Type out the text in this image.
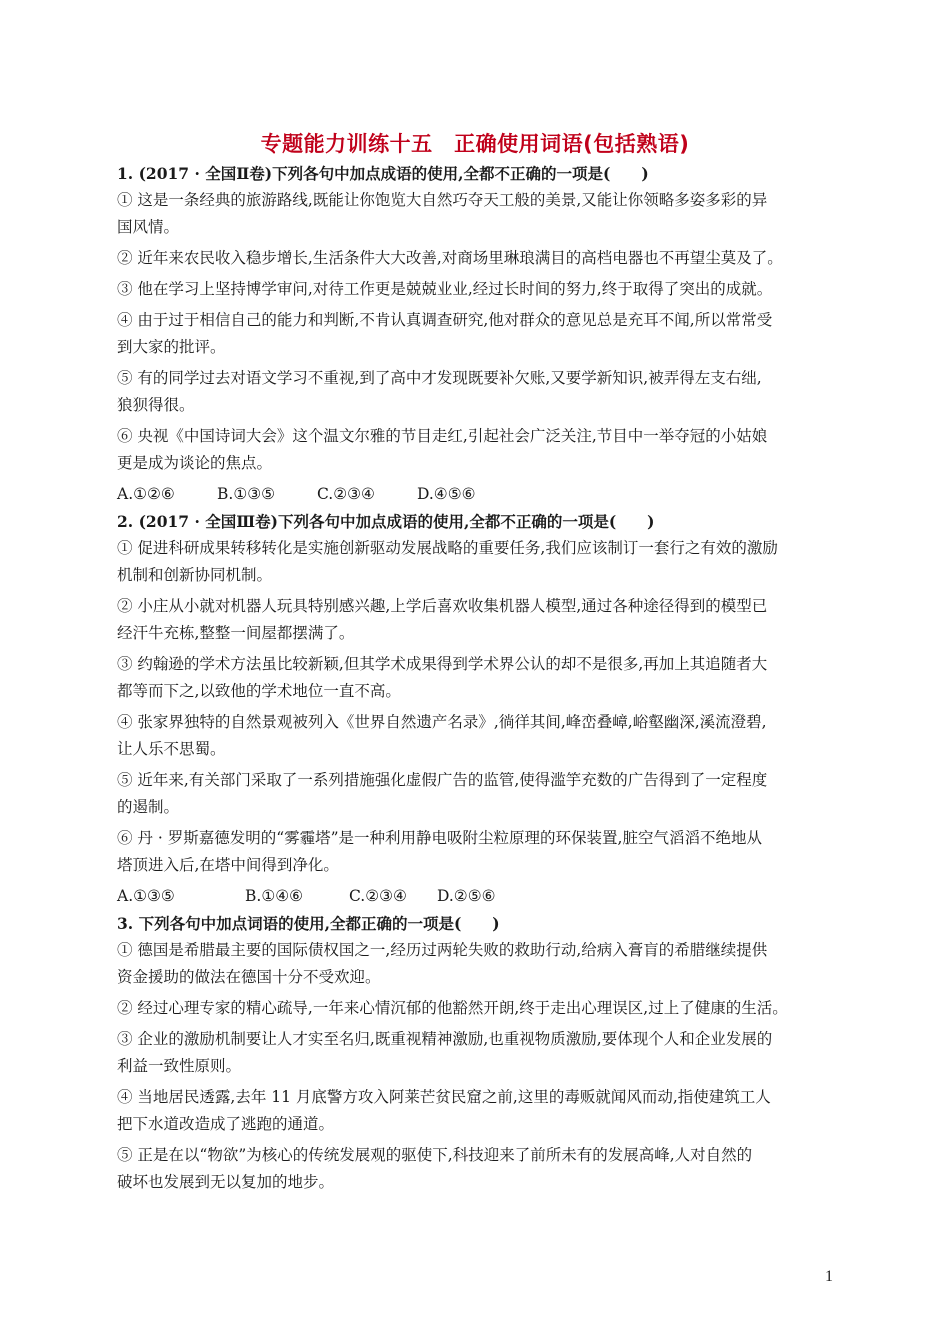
专题能力训练十五　正确使用词语(包括熟语)
1. (2017 · 全国Ⅱ卷)下列各句中加点成语的使用,全都不正确的一项是(　　)
① 这是一条经典的旅游路线,既能让你饱览大自然巧夺天工般的美景,又能让你领略多姿多彩的异
国风情。
② 近年来农民收入稳步增长,生活条件大大改善,对商场里琳琅满目的高档电器也不再望尘莫及了。
③ 他在学习上坚持博学审问,对待工作更是兢兢业业,经过长时间的努力,终于取得了突出的成就。
④ 由于过于相信自己的能力和判断,不肯认真调查研究,他对群众的意见总是充耳不闻,所以常常受
到大家的批评。
⑤ 有的同学过去对语文学习不重视,到了高中才发现既要补欠账,又要学新知识,被弄得左支右绌,
狼狈得很。
⑥ 央视《中国诗词大会》这个温文尔雅的节目走红,引起社会广泛关注,节目中一举夺冠的小姑娘
更是成为谈论的焦点。
A.①②⑥	B.①③⑤	C.②③④	D.④⑤⑥
2. (2017 · 全国Ⅲ卷)下列各句中加点成语的使用,全都不正确的一项是(　　)
① 促进科研成果转移转化是实施创新驱动发展战略的重要任务,我们应该制订一套行之有效的激励
机制和创新协同机制。
② 小庄从小就对机器人玩具特别感兴趣,上学后喜欢收集机器人模型,通过各种途径得到的模型已
经汗牛充栋,整整一间屋都摆满了。
③ 约翰逊的学术方法虽比较新颖,但其学术成果得到学术界公认的却不是很多,再加上其追随者大
都等而下之,以致他的学术地位一直不高。
④ 张家界独特的自然景观被列入《世界自然遗产名录》,徜徉其间,峰峦叠嶂,峪壑幽深,溪流澄碧,
让人乐不思蜀。
⑤ 近年来,有关部门采取了一系列措施强化虚假广告的监管,使得滥竽充数的广告得到了一定程度
的遏制。
⑥ 丹 · 罗斯嘉德发明的“雾霾塔”是一种利用静电吸附尘粒原理的环保装置,脏空气滔滔不绝地从
塔顶进入后,在塔中间得到净化。
A.①③⑤	B.①④⑥	C.②③④ D.②⑤⑥
3. 下列各句中加点词语的使用,全都正确的一项是(　　)
① 德国是希腊最主要的国际债权国之一,经历过两轮失败的救助行动,给病入膏肓的希腊继续提供
资金援助的做法在德国十分不受欢迎。
② 经过心理专家的精心疏导,一年来心情沉郁的他豁然开朗,终于走出心理误区,过上了健康的生活。
③ 企业的激励机制要让人才实至名归,既重视精神激励,也重视物质激励,要体现个人和企业发展的
利益一致性原则。
④ 当地居民透露,去年 11 月底警方攻入阿莱芒贫民窟之前,这里的毒贩就闻风而动,指使建筑工人
把下水道改造成了逃跑的通道。
⑤ 正是在以“物欲”为核心的传统发展观的驱使下,科技迎来了前所未有的发展高峰,人对自然的
破坏也发展到无以复加的地步。
1
